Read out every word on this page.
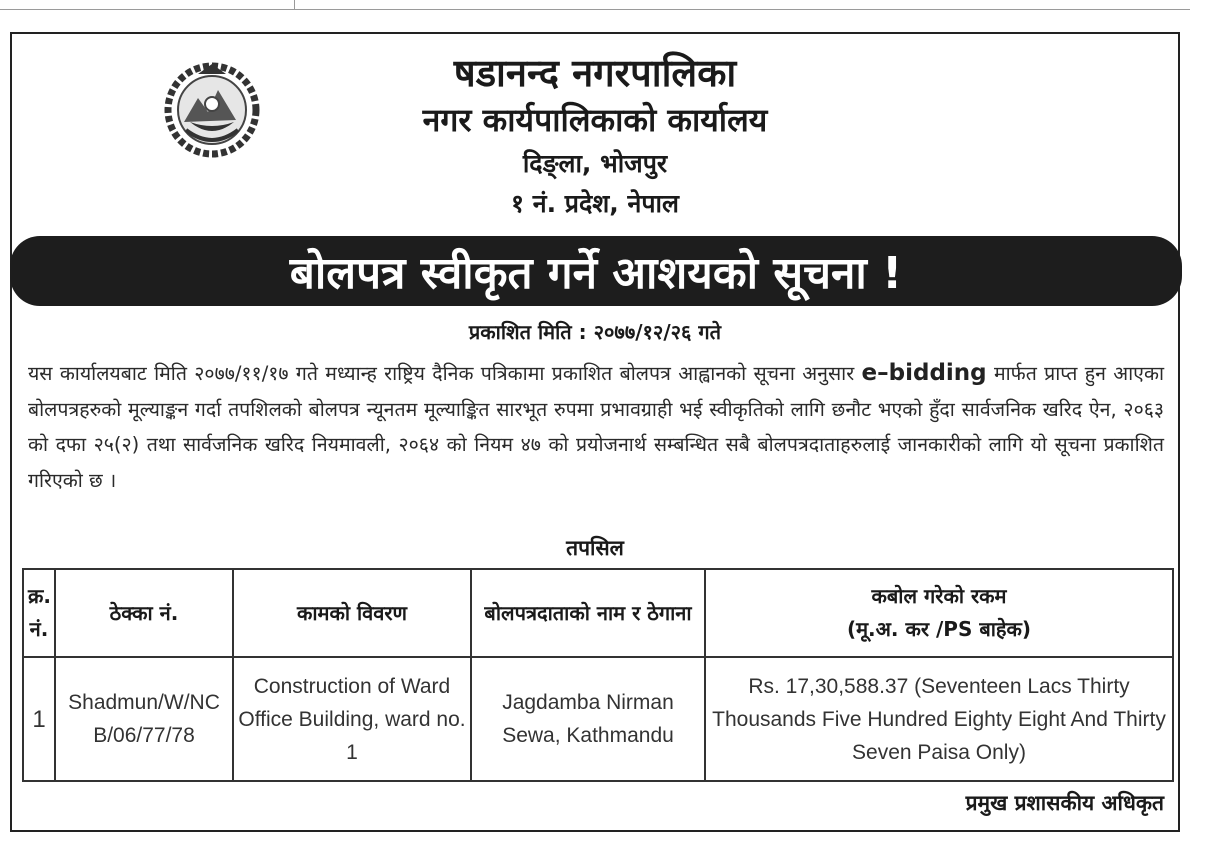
षडानन्द नगरपालिका
नगर कार्यपालिकाको कार्यालय
दिङ्ला, भोजपुर
१ नं. प्रदेश, नेपाल
बोलपत्र स्वीकृत गर्ने आशयको सूचना !
प्रकाशित मिति : २०७७/१२/२६ गते
यस कार्यालयबाट मिति २०७७/११/१७ गते मध्यान्ह राष्ट्रिय दैनिक पत्रिकामा प्रकाशित बोलपत्र आह्वानको सूचना अनुसार e–bidding मार्फत प्राप्त हुन आएका बोलपत्रहरुको मूल्याङ्कन गर्दा तपशिलको बोलपत्र न्यूनतम मूल्याङ्कित सारभूत रुपमा प्रभावग्राही भई स्वीकृतिको लागि छनौट भएको हुँदा सार्वजनिक खरिद ऐन, २०६३ को दफा २५(२) तथा सार्वजनिक खरिद नियमावली, २०६४ को नियम ४७ को प्रयोजनार्थ सम्बन्धित सबै बोलपत्रदाताहरुलाई जानकारीको लागि यो सूचना प्रकाशित गरिएको छ ।
तपसिल
क्र. नं.	ठेक्का नं.	कामको विवरण	बोलपत्रदाताको नाम र ठेगाना	कबोल गरेको रकम
(मू.अ. कर /PS बाहेक)

1	Shadmun/W/NCB/06/77/78	Construction of Ward Office Building, ward no. 1	Jagdamba Nirman Sewa, Kathmandu	Rs. 17,30,588.37 (Seventeen Lacs Thirty Thousands Five Hundred Eighty Eight And Thirty Seven Paisa Only)
प्रमुख प्रशासकीय अधिकृत
